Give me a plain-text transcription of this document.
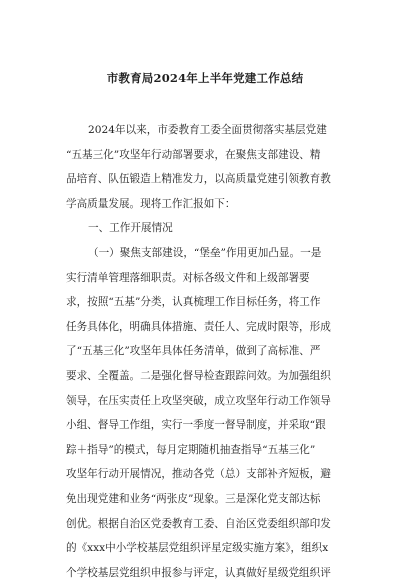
市教育局2024年上半年党建工作总结
2024年以来，市委教育工委全面贯彻落实基层党建
“五基三化”攻坚年行动部署要求，在聚焦支部建设、精
品培育、队伍锻造上精准发力，以高质量党建引领教育教
学高质量发展。现将工作汇报如下：
一、工作开展情况
（一）聚焦支部建设，“堡垒”作用更加凸显。一是
实行清单管理落细职责。对标各级文件和上级部署要
求，按照“五基”分类，认真梳理工作目标任务，将工作
任务具体化，明确具体措施、责任人、完成时限等，形成
了“五基三化”攻坚年具体任务清单，做到了高标准、严
要求、全覆盖。二是强化督导检查跟踪问效。为加强组织
领导，在压实责任上攻坚突破，成立攻坚年行动工作领导
小组、督导工作组，实行一季度一督导制度，并采取“跟
踪＋指导”的模式，每月定期随机抽查指导“五基三化”
攻坚年行动开展情况，推动各党（总）支部补齐短板，避
免出现党建和业务“两张皮”现象。三是深化党支部达标
创优。根据自治区党委教育工委、自治区党委组织部印发
的《xxx中小学校基层党组织评星定级实施方案》，组织x
个学校基层党组织申报参与评定，认真做好星级党组织评
